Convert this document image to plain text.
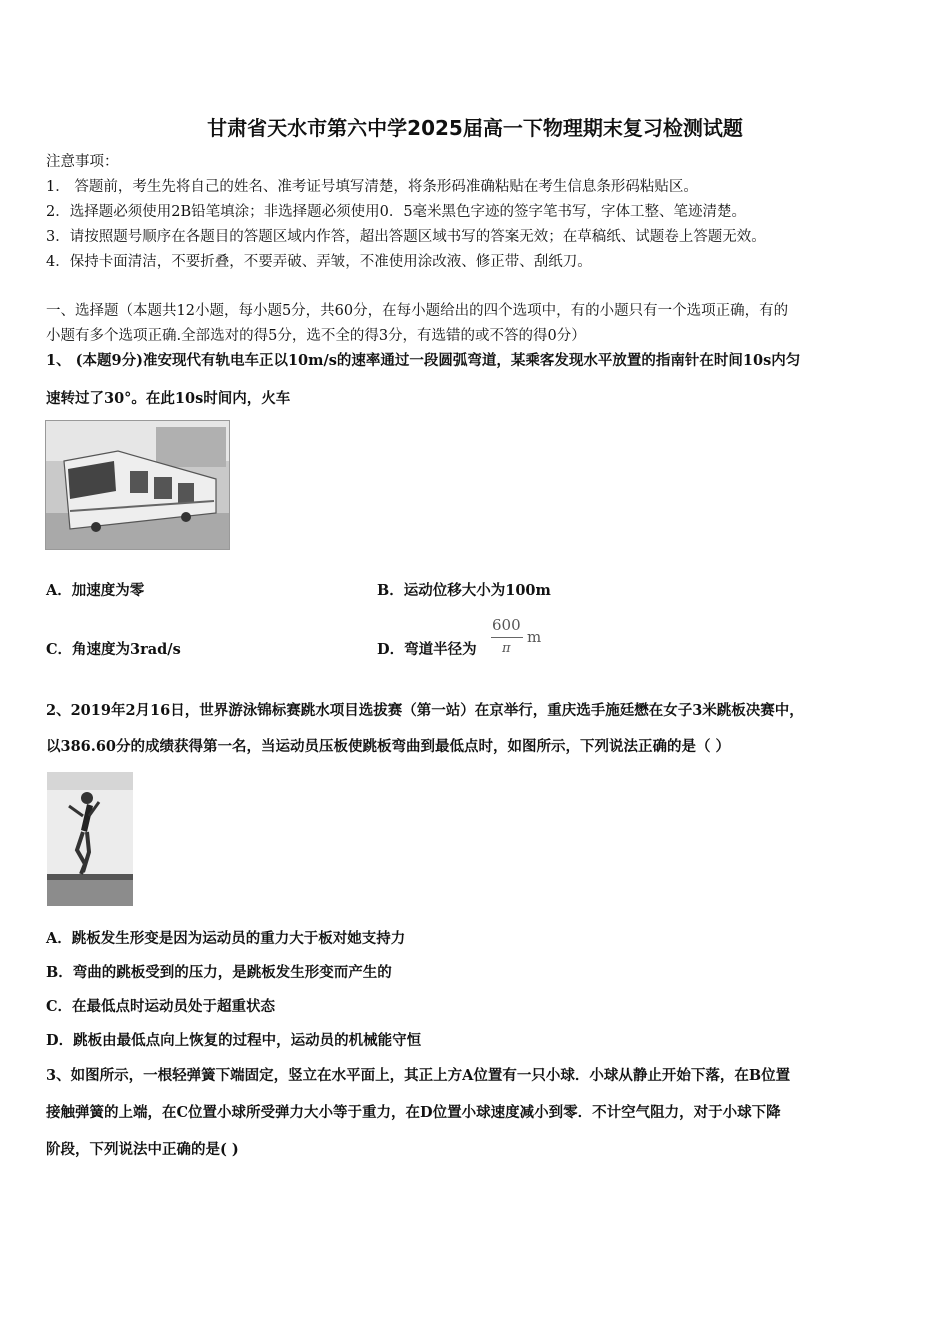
甘肃省天水市第六中学2025届高一下物理期末复习检测试题
注意事项：
1． 答题前，考生先将自己的姓名、准考证号填写清楚，将条形码准确粘贴在考生信息条形码粘贴区。
2．选择题必须使用2B铅笔填涂；非选择题必须使用0．5毫米黑色字迹的签字笔书写，字体工整、笔迹清楚。
3．请按照题号顺序在各题目的答题区域内作答，超出答题区域书写的答案无效；在草稿纸、试题卷上答题无效。
4．保持卡面清洁，不要折叠，不要弄破、弄皱，不准使用涂改液、修正带、刮纸刀。
一、选择题（本题共12小题，每小题5分，共60分，在每小题给出的四个选项中，有的小题只有一个选项正确，有的
小题有多个选项正确.全部选对的得5分，选不全的得3分，有选错的或不答的得0分）
1、 (本题9分)准安现代有轨电车正以10m/s的速率通过一段圆弧弯道，某乘客发现水平放置的指南针在时间10s内匀
速转过了30°。在此10s时间内，火车
A．加速度为零	B．运动位移大小为100m
C．角速度为3rad/s	D．弯道半径为
600
π
m
2、2019年2月16日，世界游泳锦标赛跳水项目选拔赛（第一站）在京举行，重庆选手施廷懋在女子3米跳板决赛中，
以386.60分的成绩获得第一名，当运动员压板使跳板弯曲到最低点时，如图所示，下列说法正确的是（ ）
A．跳板发生形变是因为运动员的重力大于板对她支持力
B．弯曲的跳板受到的压力，是跳板发生形变而产生的
C．在最低点时运动员处于超重状态
D．跳板由最低点向上恢复的过程中，运动员的机械能守恒
3、如图所示，一根轻弹簧下端固定，竖立在水平面上，其正上方A位置有一只小球．小球从静止开始下落，在B位置
接触弹簧的上端，在C位置小球所受弹力大小等于重力，在D位置小球速度减小到零．不计空气阻力，对于小球下降
阶段，下列说法中正确的是( )
